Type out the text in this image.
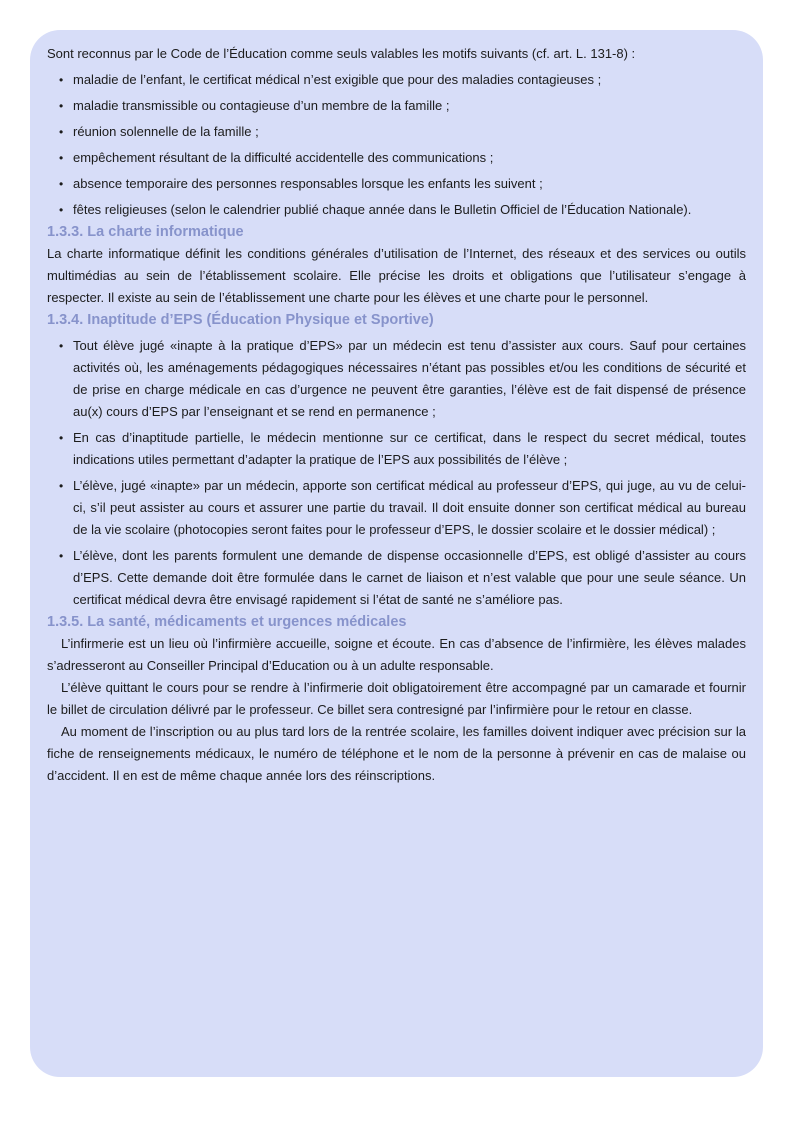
Sont reconnus par le Code de l’Éducation comme seuls valables les motifs suivants (cf. art. L. 131-8) :

• maladie de l’enfant, le certificat médical n’est exigible que pour des maladies contagieuses ;
• maladie transmissible ou contagieuse d’un membre de la famille ;
• réunion solennelle de la famille ;
• empêchement résultant de la difficulté accidentelle des communications ;
• absence temporaire des personnes responsables lorsque les enfants les suivent ;
• fêtes religieuses (selon le calendrier publié chaque année dans le Bulletin Officiel de l’Éducation Nationale).
1.3.3. La charte informatique

La charte informatique définit les conditions générales d’utilisation de l’Internet, des réseaux et des services ou outils multimédias au sein de l’établissement scolaire. Elle précise les droits et obligations que l’utilisateur s’engage à respecter. Il existe au sein de l’établissement une charte pour les élèves et une charte pour le personnel.

1.3.4. Inaptitude d’EPS (Éducation Physique et Sportive)
• Tout élève jugé «inapte à la pratique d’EPS» par un médecin est tenu d’assister aux cours. Sauf pour certaines activités où, les aménagements pédagogiques nécessaires n’étant pas possibles et/ou les conditions de sécurité et de prise en charge médicale en cas d’urgence ne peuvent être garanties, l’élève est de fait dispensé de présence au(x) cours d’EPS par l’enseignant et se rend en permanence ;
• En cas d’inaptitude partielle, le médecin mentionne sur ce certificat, dans le respect du secret médical, toutes indications utiles permettant d’adapter la pratique de l’EPS aux possibilités de l’élève ;
• L’élève, jugé «inapte» par un médecin, apporte son certificat médical au professeur d’EPS, qui juge, au vu de celui-ci, s’il peut assister au cours et assurer une partie du travail. Il doit ensuite donner son certificat médical au bureau de la vie scolaire (photocopies seront faites pour le professeur d’EPS, le dossier scolaire et le dossier médical) ;
• L’élève, dont les parents formulent une demande de dispense occasionnelle d’EPS, est obligé d’assister au cours d’EPS. Cette demande doit être formulée dans le carnet de liaison et n’est valable que pour une seule séance. Un certificat médical devra être envisagé rapidement si l’état de santé ne s’améliore pas.
1.3.5. La santé, médicaments et urgences médicales

L’infirmerie est un lieu où l’infirmière accueille, soigne et écoute. En cas d’absence de l’infirmière, les élèves malades s’adresseront au Conseiller Principal d’Education ou à un adulte responsable.

L’élève quittant le cours pour se rendre à l’infirmerie doit obligatoirement être accompagné par un camarade et fournir le billet de circulation délivré par le professeur. Ce billet sera contresigné par l’infirmière pour le retour en classe.

Au moment de l’inscription ou au plus tard lors de la rentrée scolaire, les familles doivent indiquer avec précision sur la fiche de renseignements médicaux, le numéro de téléphone et le nom de la personne à prévenir en cas de malaise ou d’accident. Il en est de même chaque année lors des réinscriptions.
